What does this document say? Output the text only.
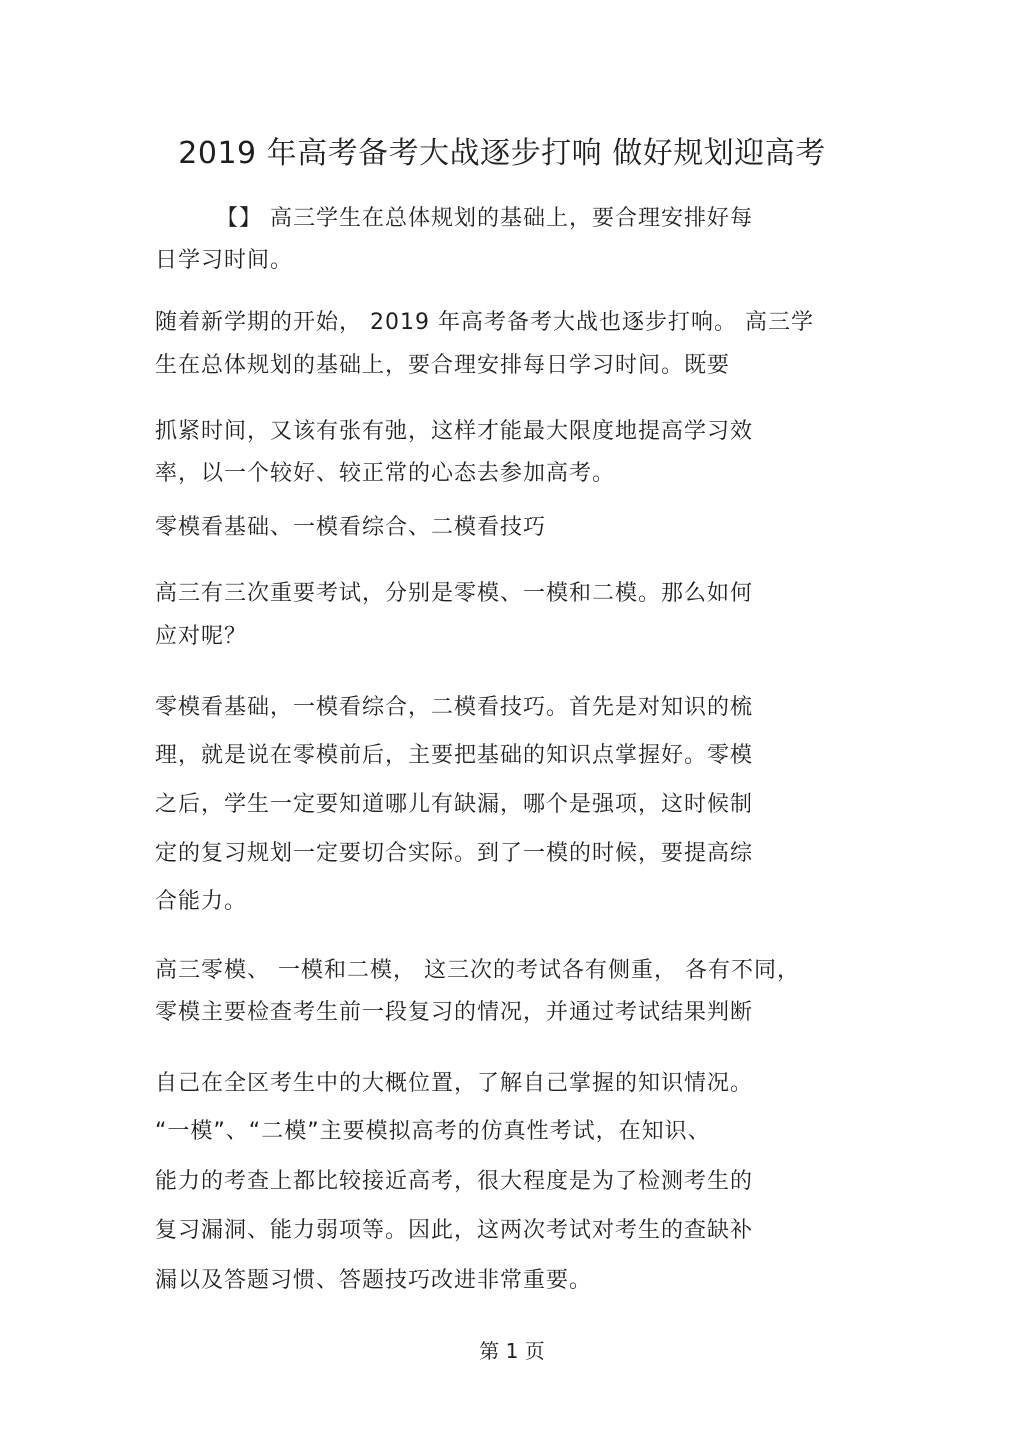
2019 年高考备考大战逐步打响 做好规划迎高考
【】 高三学生在总体规划的基础上，要合理安排好每
日学习时间。
随着新学期的开始， 2019 年高考备考大战也逐步打响。 高三学
生在总体规划的基础上，要合理安排每日学习时间。既要
抓紧时间，又该有张有弛，这样才能最大限度地提高学习效
率，以一个较好、较正常的心态去参加高考。
零模看基础、一模看综合、二模看技巧
高三有三次重要考试，分别是零模、一模和二模。那么如何
应对呢？
零模看基础，一模看综合，二模看技巧。首先是对知识的梳
理，就是说在零模前后，主要把基础的知识点掌握好。零模
之后，学生一定要知道哪儿有缺漏，哪个是强项，这时候制
定的复习规划一定要切合实际。到了一模的时候，要提高综
合能力。
高三零模、 一模和二模， 这三次的考试各有侧重， 各有不同，
零模主要检查考生前一段复习的情况，并通过考试结果判断
自己在全区考生中的大概位置，了解自己掌握的知识情况。
“一模”、“二模”主要模拟高考的仿真性考试，在知识、
能力的考查上都比较接近高考，很大程度是为了检测考生的
复习漏洞、能力弱项等。因此，这两次考试对考生的查缺补
漏以及答题习惯、答题技巧改进非常重要。
第 1 页
